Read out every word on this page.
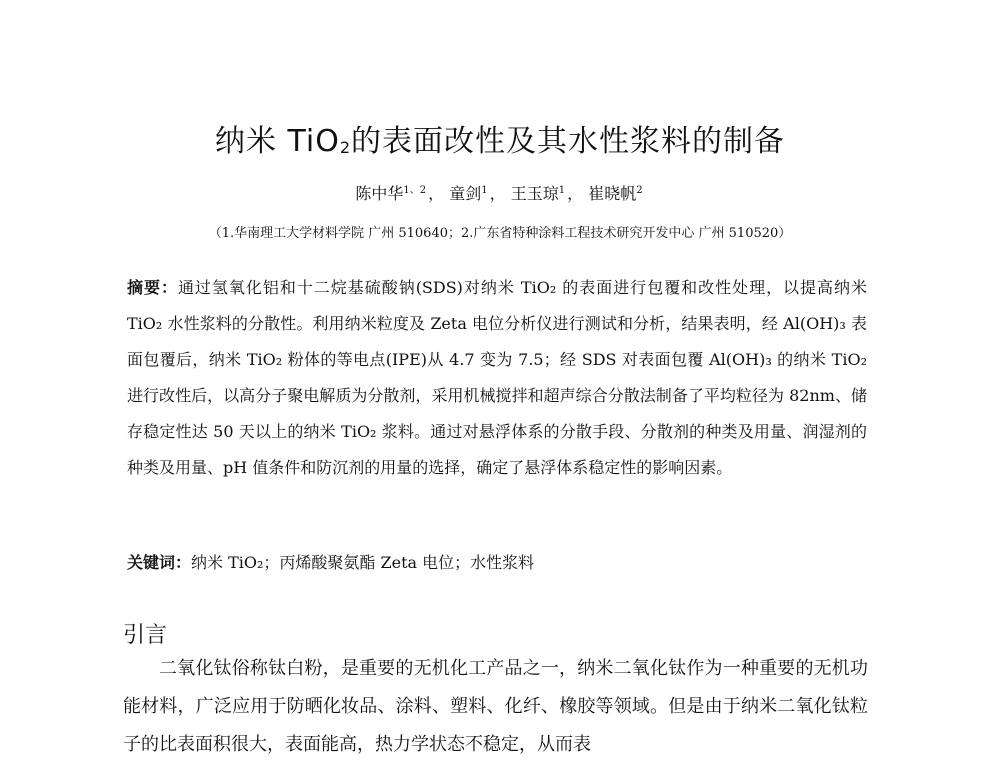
纳米 TiO$_2$的表面改性及其水性浆料的制备
陈中华$^{1、2}$ ， 童剑$^1$ ， 王玉琼$^1$ ， 崔晓帆$^2$
（1.华南理工大学材料学院 广州 510640；2.广东省特种涂料工程技术研究开发中心 广州 510520）
摘要：通过氢氧化铝和十二烷基硫酸钠(SDS)对纳米 TiO₂ 的表面进行包覆和改性处理，以提高纳米 TiO₂ 水性浆料的分散性。利用纳米粒度及 Zeta 电位分析仪进行测试和分析，结果表明，经 Al(OH)₃ 表面包覆后，纳米 TiO₂ 粉体的等电点(IPE)从 4.7 变为 7.5；经 SDS 对表面包覆 Al(OH)₃ 的纳米 TiO₂ 进行改性后，以高分子聚电解质为分散剂，采用机械搅拌和超声综合分散法制备了平均粒径为 82nm、储存稳定性达 50 天以上的纳米 TiO₂ 浆料。通过对悬浮体系的分散手段、分散剂的种类及用量、润湿剂的种类及用量、pH 值条件和防沉剂的用量的选择，确定了悬浮体系稳定性的影响因素。
关键词：纳米 TiO₂；丙烯酸聚氨酯 Zeta 电位；水性浆料
引言
二氧化钛俗称钛白粉，是重要的无机化工产品之一，纳米二氧化钛作为一种重要的无机功能材料，广泛应用于防晒化妆品、涂料、塑料、化纤、橡胶等领域。但是由于纳米二氧化钛粒子的比表面积很大，表面能高，热力学状态不稳定，从而表
